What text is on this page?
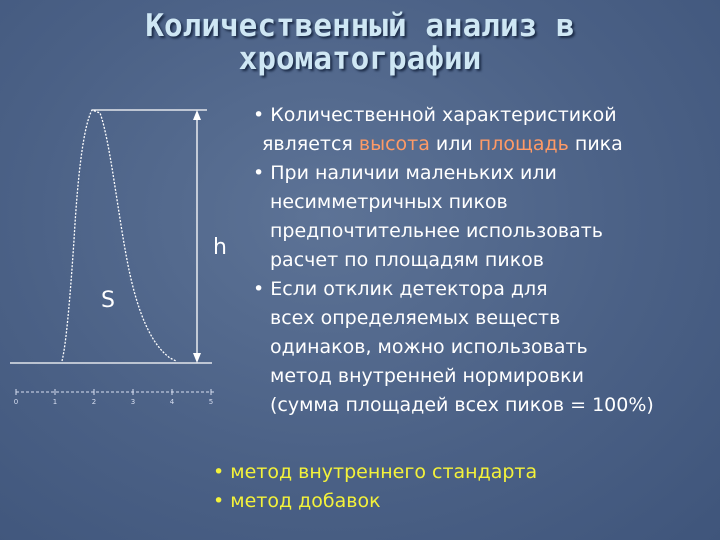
Количественный анализ в
хроматографии
0	1	2	3	4	5
h
S
• Количественной характеристикой
является высота или площадь пика
• При наличии маленьких или
несимметричных пиков
предпочтительнее использовать
расчет по площадям пиков
• Если отклик детектора для
всех определяемых веществ
одинаков, можно использовать
метод внутренней нормировки
(сумма площадей всех пиков = 100%)
• метод внутреннего стандарта
• метод добавок
